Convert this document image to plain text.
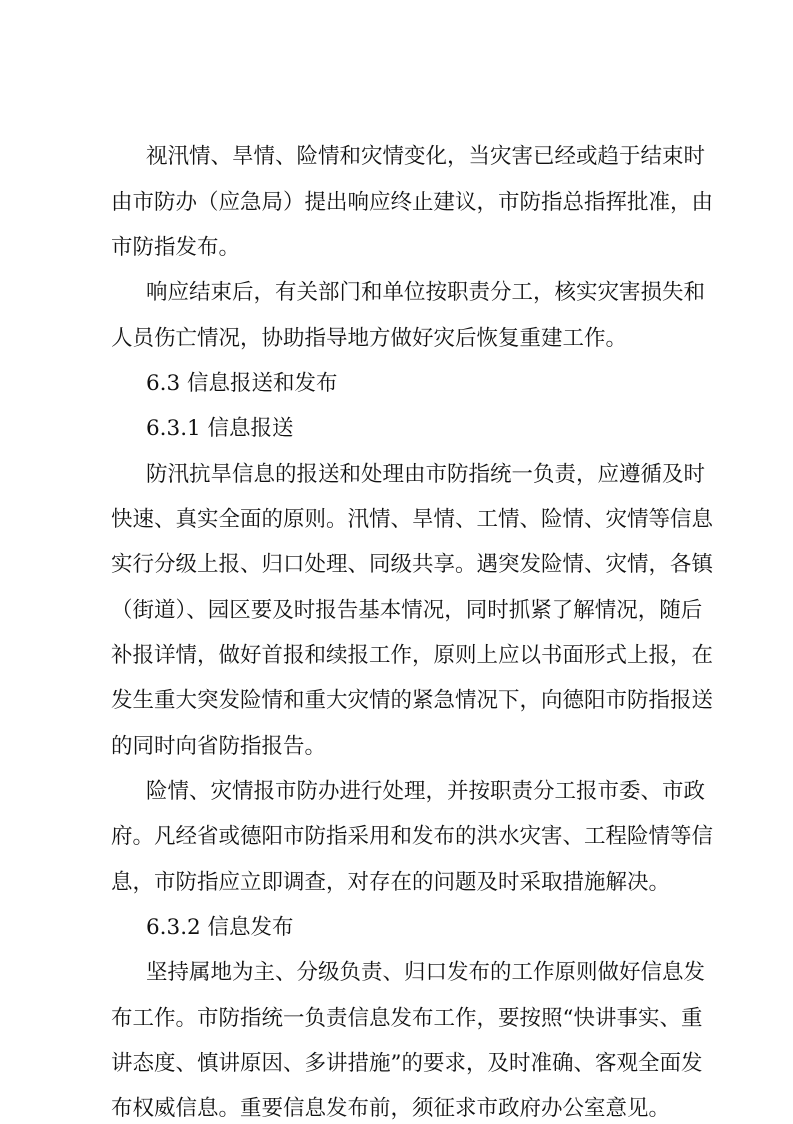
视汛情、旱情、险情和灾情变化，当灾害已经或趋于结束时
由市防办（应急局）提出响应终止建议，市防指总指挥批准，由
市防指发布。
响应结束后，有关部门和单位按职责分工，核实灾害损失和
人员伤亡情况，协助指导地方做好灾后恢复重建工作。
6.3 信息报送和发布
6.3.1 信息报送
防汛抗旱信息的报送和处理由市防指统一负责，应遵循及时
快速、真实全面的原则。汛情、旱情、工情、险情、灾情等信息
实行分级上报、归口处理、同级共享。遇突发险情、灾情，各镇
（街道）、园区要及时报告基本情况，同时抓紧了解情况，随后
补报详情，做好首报和续报工作，原则上应以书面形式上报，在
发生重大突发险情和重大灾情的紧急情况下，向德阳市防指报送
的同时向省防指报告。
险情、灾情报市防办进行处理，并按职责分工报市委、市政
府。凡经省或德阳市防指采用和发布的洪水灾害、工程险情等信
息，市防指应立即调查，对存在的问题及时采取措施解决。
6.3.2 信息发布
坚持属地为主、分级负责、归口发布的工作原则做好信息发
布工作。市防指统一负责信息发布工作，要按照“快讲事实、重
讲态度、慎讲原因、多讲措施”的要求，及时准确、客观全面发
布权威信息。重要信息发布前，须征求市政府办公室意见。
